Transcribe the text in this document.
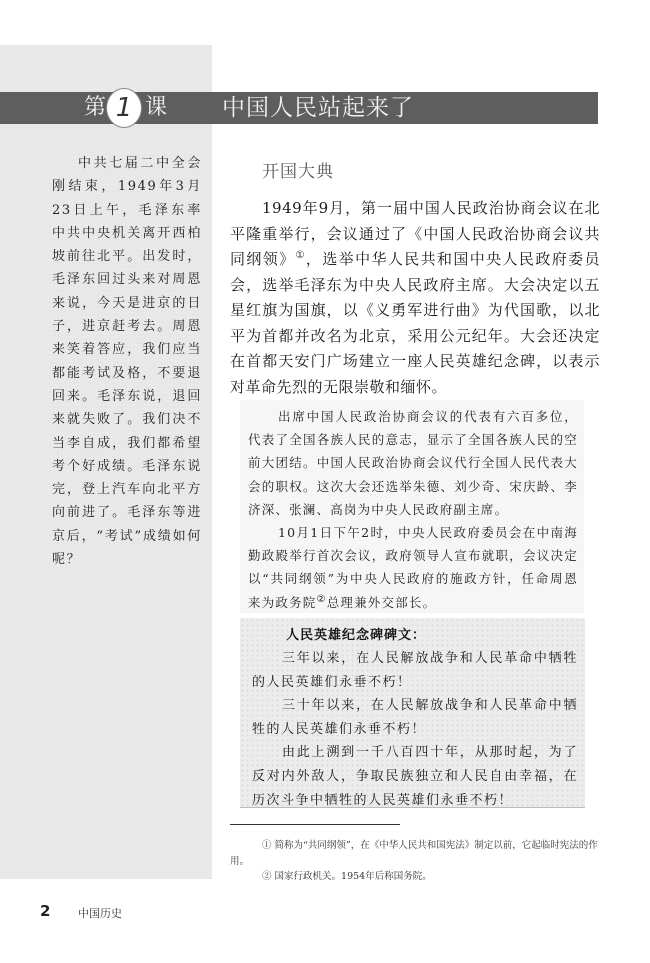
第 1 课 中国人民站起来了
中共七届二中全会刚结束，1949年3月23日上午，毛泽东率中共中央机关离开西柏坡前往北平。出发时，毛泽东回过头来对周恩来说，今天是进京的日子，进京赶考去。周恩来笑着答应，我们应当都能考试及格，不要退回来。毛泽东说，退回来就失败了。我们决不当李自成，我们都希望考个好成绩。毛泽东说完，登上汽车向北平方向前进了。毛泽东等进京后，“考试”成绩如何呢？
开国大典
1949年9月，第一届中国人民政治协商会议在北平隆重举行，会议通过了《中国人民政治协商会议共同纲领》①，选举中华人民共和国中央人民政府委员会，选举毛泽东为中央人民政府主席。大会决定以五星红旗为国旗，以《义勇军进行曲》为代国歌，以北平为首都并改名为北京，采用公元纪年。大会还决定在首都天安门广场建立一座人民英雄纪念碑，以表示对革命先烈的无限崇敬和缅怀。

出席中国人民政治协商会议的代表有六百多位，代表了全国各族人民的意志，显示了全国各族人民的空前大团结。中国人民政治协商会议代行全国人民代表大会的职权。这次大会还选举朱德、刘少奇、宋庆龄、李济深、张澜、高岗为中央人民政府副主席。

10月1日下午2时，中央人民政府委员会在中南海勤政殿举行首次会议，政府领导人宣布就职，会议决定以“共同纲领”为中央人民政府的施政方针，任命周恩来为政务院②总理兼外交部长。

人民英雄纪念碑碑文：

三年以来，在人民解放战争和人民革命中牺牲的人民英雄们永垂不朽！

三十年以来，在人民解放战争和人民革命中牺牲的人民英雄们永垂不朽！

由此上溯到一千八百四十年，从那时起，为了反对内外敌人，争取民族独立和人民自由幸福，在历次斗争中牺牲的人民英雄们永垂不朽！

① 简称为“共同纲领”，在《中华人民共和国宪法》制定以前，它起临时宪法的作用。

② 国家行政机关。1954年后称国务院。

2	中国历史
